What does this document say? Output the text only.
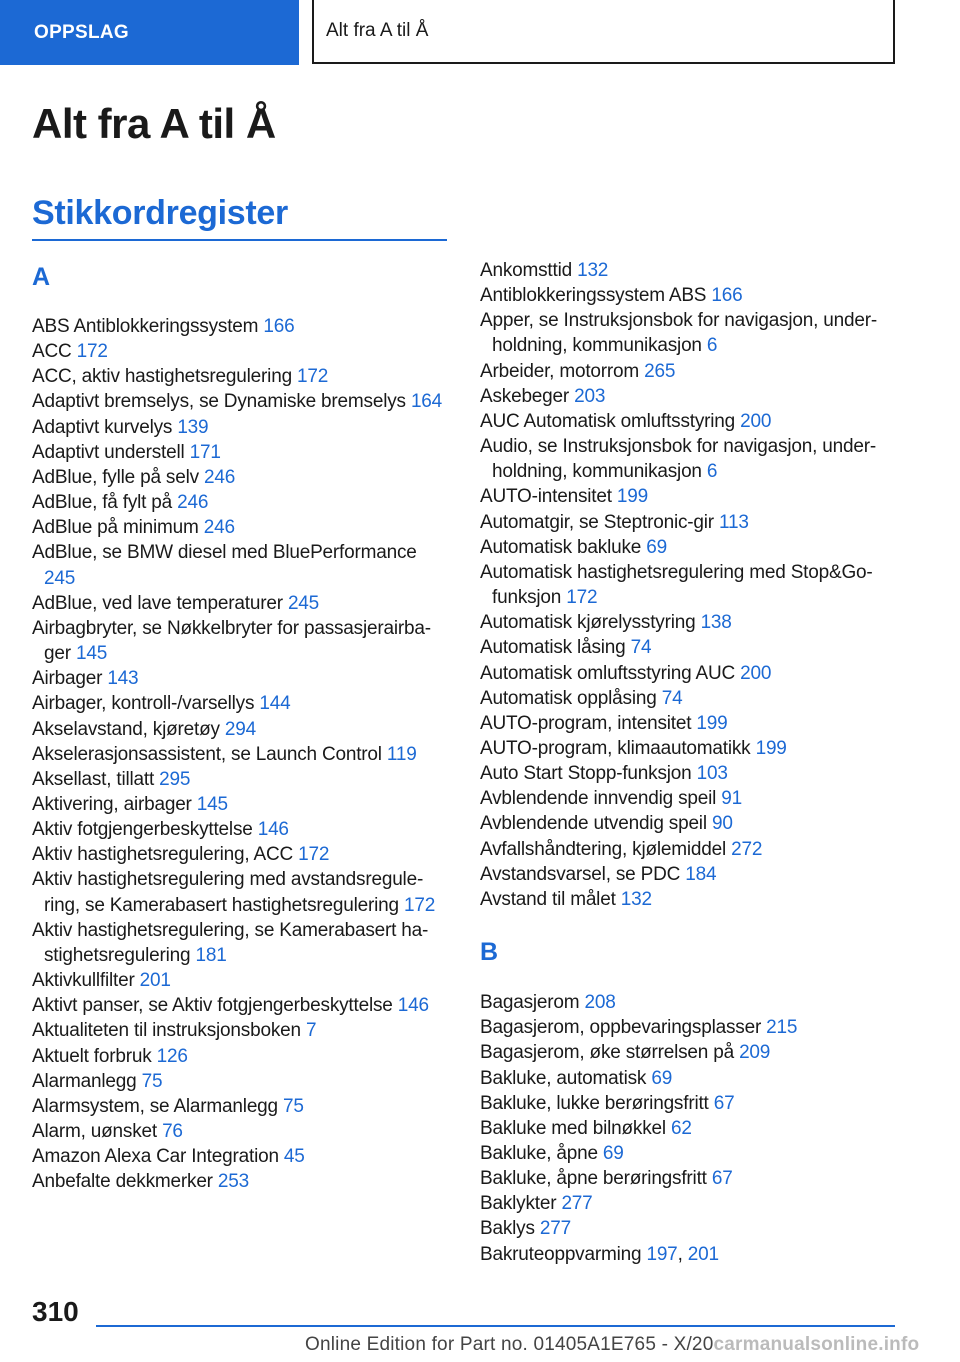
OPPSLAG	Alt fra A til Å
Alt fra A til Å
Stikkordregister
A
ABS Antiblokkeringssystem 166
ACC 172
ACC, aktiv hastighetsregulering 172
Adaptivt bremselys, se Dynamiske bremselys 164
Adaptivt kurvelys 139
Adaptivt understell 171
AdBlue, fylle på selv 246
AdBlue, få fylt på 246
AdBlue på minimum 246
AdBlue, se BMW diesel med BluePerformance 245
AdBlue, ved lave temperaturer 245
Airbagbryter, se Nøkkelbryter for passasjerairbager 145
Airbager 143
Airbager, kontroll-/varsellys 144
Akselavstand, kjøretøy 294
Akselerasjonsassistent, se Launch Control 119
Aksellast, tillatt 295
Aktivering, airbager 145
Aktiv fotgjengerbeskyttelse 146
Aktiv hastighetsregulering, ACC 172
Aktiv hastighetsregulering med avstandsregulering, se Kamerabasert hastighetsregulering 172
Aktiv hastighetsregulering, se Kamerabasert hastighetsregulering 181
Aktivkullfilter 201
Aktivt panser, se Aktiv fotgjengerbeskyttelse 146
Aktualiteten til instruksjonsboken 7
Aktuelt forbruk 126
Alarmanlegg 75
Alarmsystem, se Alarmanlegg 75
Alarm, uønsket 76
Amazon Alexa Car Integration 45
Anbefalte dekkmerker 253
Ankomsttid 132
Antiblokkeringssystem ABS 166
Apper, se Instruksjonsbok for navigasjon, underholdning, kommunikasjon 6
Arbeider, motorrom 265
Askebeger 203
AUC Automatisk omluftsstyring 200
Audio, se Instruksjonsbok for navigasjon, underholdning, kommunikasjon 6
AUTO-intensitet 199
Automatgir, se Steptronic-gir 113
Automatisk bakluke 69
Automatisk hastighetsregulering med Stop&Go-funksjon 172
Automatisk kjørelysstyring 138
Automatisk låsing 74
Automatisk omluftsstyring AUC 200
Automatisk opplåsing 74
AUTO-program, intensitet 199
AUTO-program, klimaautomatikk 199
Auto Start Stopp-funksjon 103
Avblendende innvendig speil 91
Avblendende utvendig speil 90
Avfallshåndtering, kjølemiddel 272
Avstandsvarsel, se PDC 184
Avstand til målet 132
B
Bagasjerom 208
Bagasjerom, oppbevaringsplasser 215
Bagasjerom, øke størrelsen på 209
Bakluke, automatisk 69
Bakluke, lukke berøringsfritt 67
Bakluke med bilnøkkel 62
Bakluke, åpne 69
Bakluke, åpne berøringsfritt 67
Baklykter 277
Baklys 277
Bakruteoppvarming 197, 201
310
Online Edition for Part no. 01405A1E765 - X/20carmanualsonline.info
